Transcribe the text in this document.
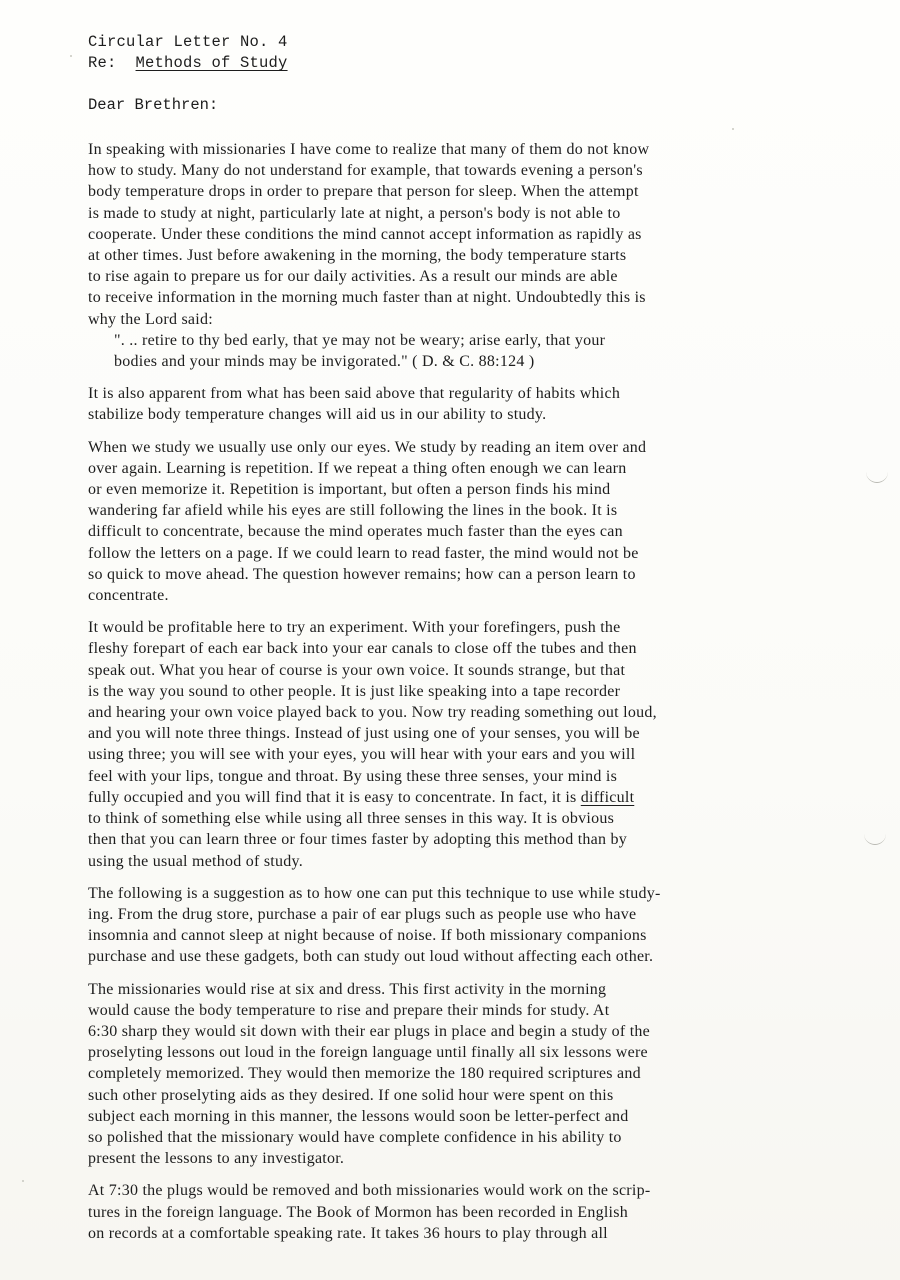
Circular Letter No. 4
Re: Methods of Study
Dear Brethren:
In speaking with missionaries I have come to realize that many of them do not know
how to study. Many do not understand for example, that towards evening a person's
body temperature drops in order to prepare that person for sleep. When the attempt
is made to study at night, particularly late at night, a person's body is not able to
cooperate. Under these conditions the mind cannot accept information as rapidly as
at other times. Just before awakening in the morning, the body temperature starts
to rise again to prepare us for our daily activities. As a result our minds are able
to receive information in the morning much faster than at night. Undoubtedly this is
why the Lord said:
". .. retire to thy bed early, that ye may not be weary; arise early, that your
bodies and your minds may be invigorated." ( D. & C. 88:124 )
It is also apparent from what has been said above that regularity of habits which
stabilize body temperature changes will aid us in our ability to study.
When we study we usually use only our eyes. We study by reading an item over and
over again. Learning is repetition. If we repeat a thing often enough we can learn
or even memorize it. Repetition is important, but often a person finds his mind
wandering far afield while his eyes are still following the lines in the book. It is
difficult to concentrate, because the mind operates much faster than the eyes can
follow the letters on a page. If we could learn to read faster, the mind would not be
so quick to move ahead. The question however remains; how can a person learn to
concentrate.
It would be profitable here to try an experiment. With your forefingers, push the
fleshy forepart of each ear back into your ear canals to close off the tubes and then
speak out. What you hear of course is your own voice. It sounds strange, but that
is the way you sound to other people. It is just like speaking into a tape recorder
and hearing your own voice played back to you. Now try reading something out loud,
and you will note three things. Instead of just using one of your senses, you will be
using three; you will see with your eyes, you will hear with your ears and you will
feel with your lips, tongue and throat. By using these three senses, your mind is
fully occupied and you will find that it is easy to concentrate. In fact, it is difficult
to think of something else while using all three senses in this way. It is obvious
then that you can learn three or four times faster by adopting this method than by
using the usual method of study.
The following is a suggestion as to how one can put this technique to use while study-
ing. From the drug store, purchase a pair of ear plugs such as people use who have
insomnia and cannot sleep at night because of noise. If both missionary companions
purchase and use these gadgets, both can study out loud without affecting each other.
The missionaries would rise at six and dress. This first activity in the morning
would cause the body temperature to rise and prepare their minds for study. At
6:30 sharp they would sit down with their ear plugs in place and begin a study of the
proselyting lessons out loud in the foreign language until finally all six lessons were
completely memorized. They would then memorize the 180 required scriptures and
such other proselyting aids as they desired. If one solid hour were spent on this
subject each morning in this manner, the lessons would soon be letter-perfect and
so polished that the missionary would have complete confidence in his ability to
present the lessons to any investigator.
At 7:30 the plugs would be removed and both missionaries would work on the scrip-
tures in the foreign language. The Book of Mormon has been recorded in English
on records at a comfortable speaking rate. It takes 36 hours to play through all
